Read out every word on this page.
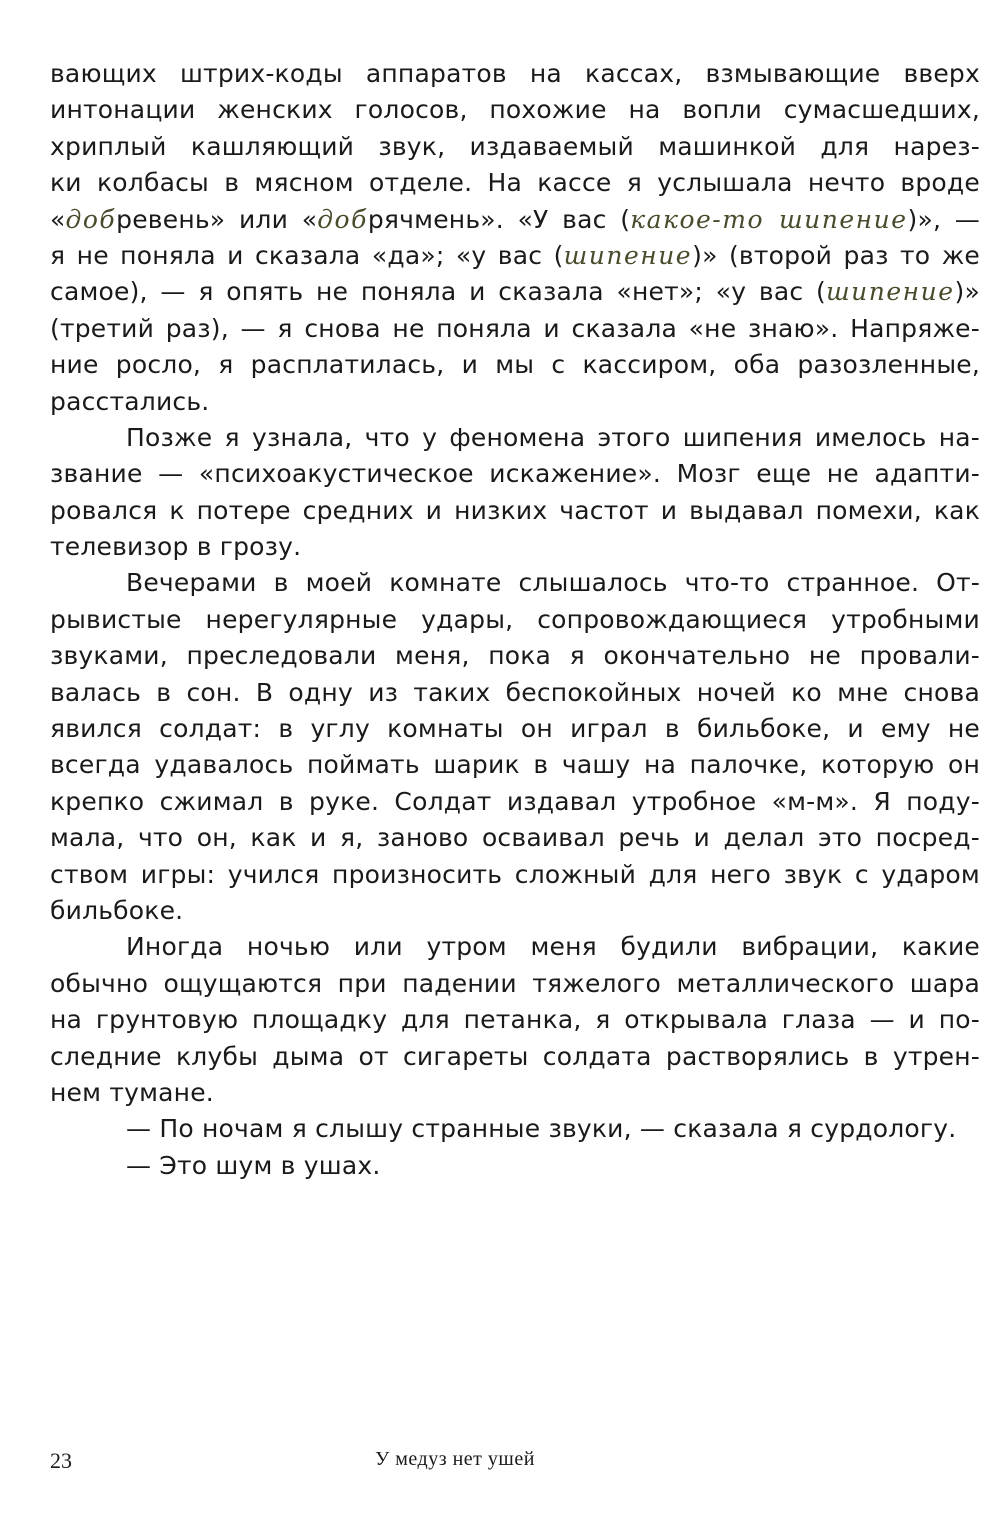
вающих штрих-коды аппаратов на кассах, взмывающие вверх
интонации женских голосов, похожие на вопли сумасшедших,
хриплый кашляющий звук, издаваемый машинкой для нарез-
ки колбасы в мясном отделе. На кассе я услышала нечто вроде
«добревень» или «добрячмень». «У вас (какое-то шипение)», —
я не поняла и сказала «да»; «у вас (шипение)» (второй раз то же
самое), — я опять не поняла и сказала «нет»; «у вас (шипение)»
(третий раз), — я снова не поняла и сказала «не знаю». Напряже-
ние росло, я расплатилась, и мы с кассиром, оба разозленные,
расстались.
Позже я узнала, что у феномена этого шипения имелось на-
звание — «психоакустическое искажение». Мозг еще не адапти-
ровался к потере средних и низких частот и выдавал помехи, как
телевизор в грозу.
Вечерами в моей комнате слышалось что-то странное. От-
рывистые нерегулярные удары, сопровождающиеся утробными
звуками, преследовали меня, пока я окончательно не провали-
валась в сон. В одну из таких беспокойных ночей ко мне снова
явился солдат: в углу комнаты он играл в бильбоке, и ему не
всегда удавалось поймать шарик в чашу на палочке, которую он
крепко сжимал в руке. Солдат издавал утробное «м-м». Я поду-
мала, что он, как и я, заново осваивал речь и делал это посред-
ством игры: учился произносить сложный для него звук с ударом
бильбоке.
Иногда ночью или утром меня будили вибрации, какие
обычно ощущаются при падении тяжелого металлического шара
на грунтовую площадку для петанка, я открывала глаза — и по-
следние клубы дыма от сигареты солдата растворялись в утрен-
нем тумане.
— По ночам я слышу странные звуки, — сказала я сурдологу.
— Это шум в ушах.
23	У медуз нет ушей
